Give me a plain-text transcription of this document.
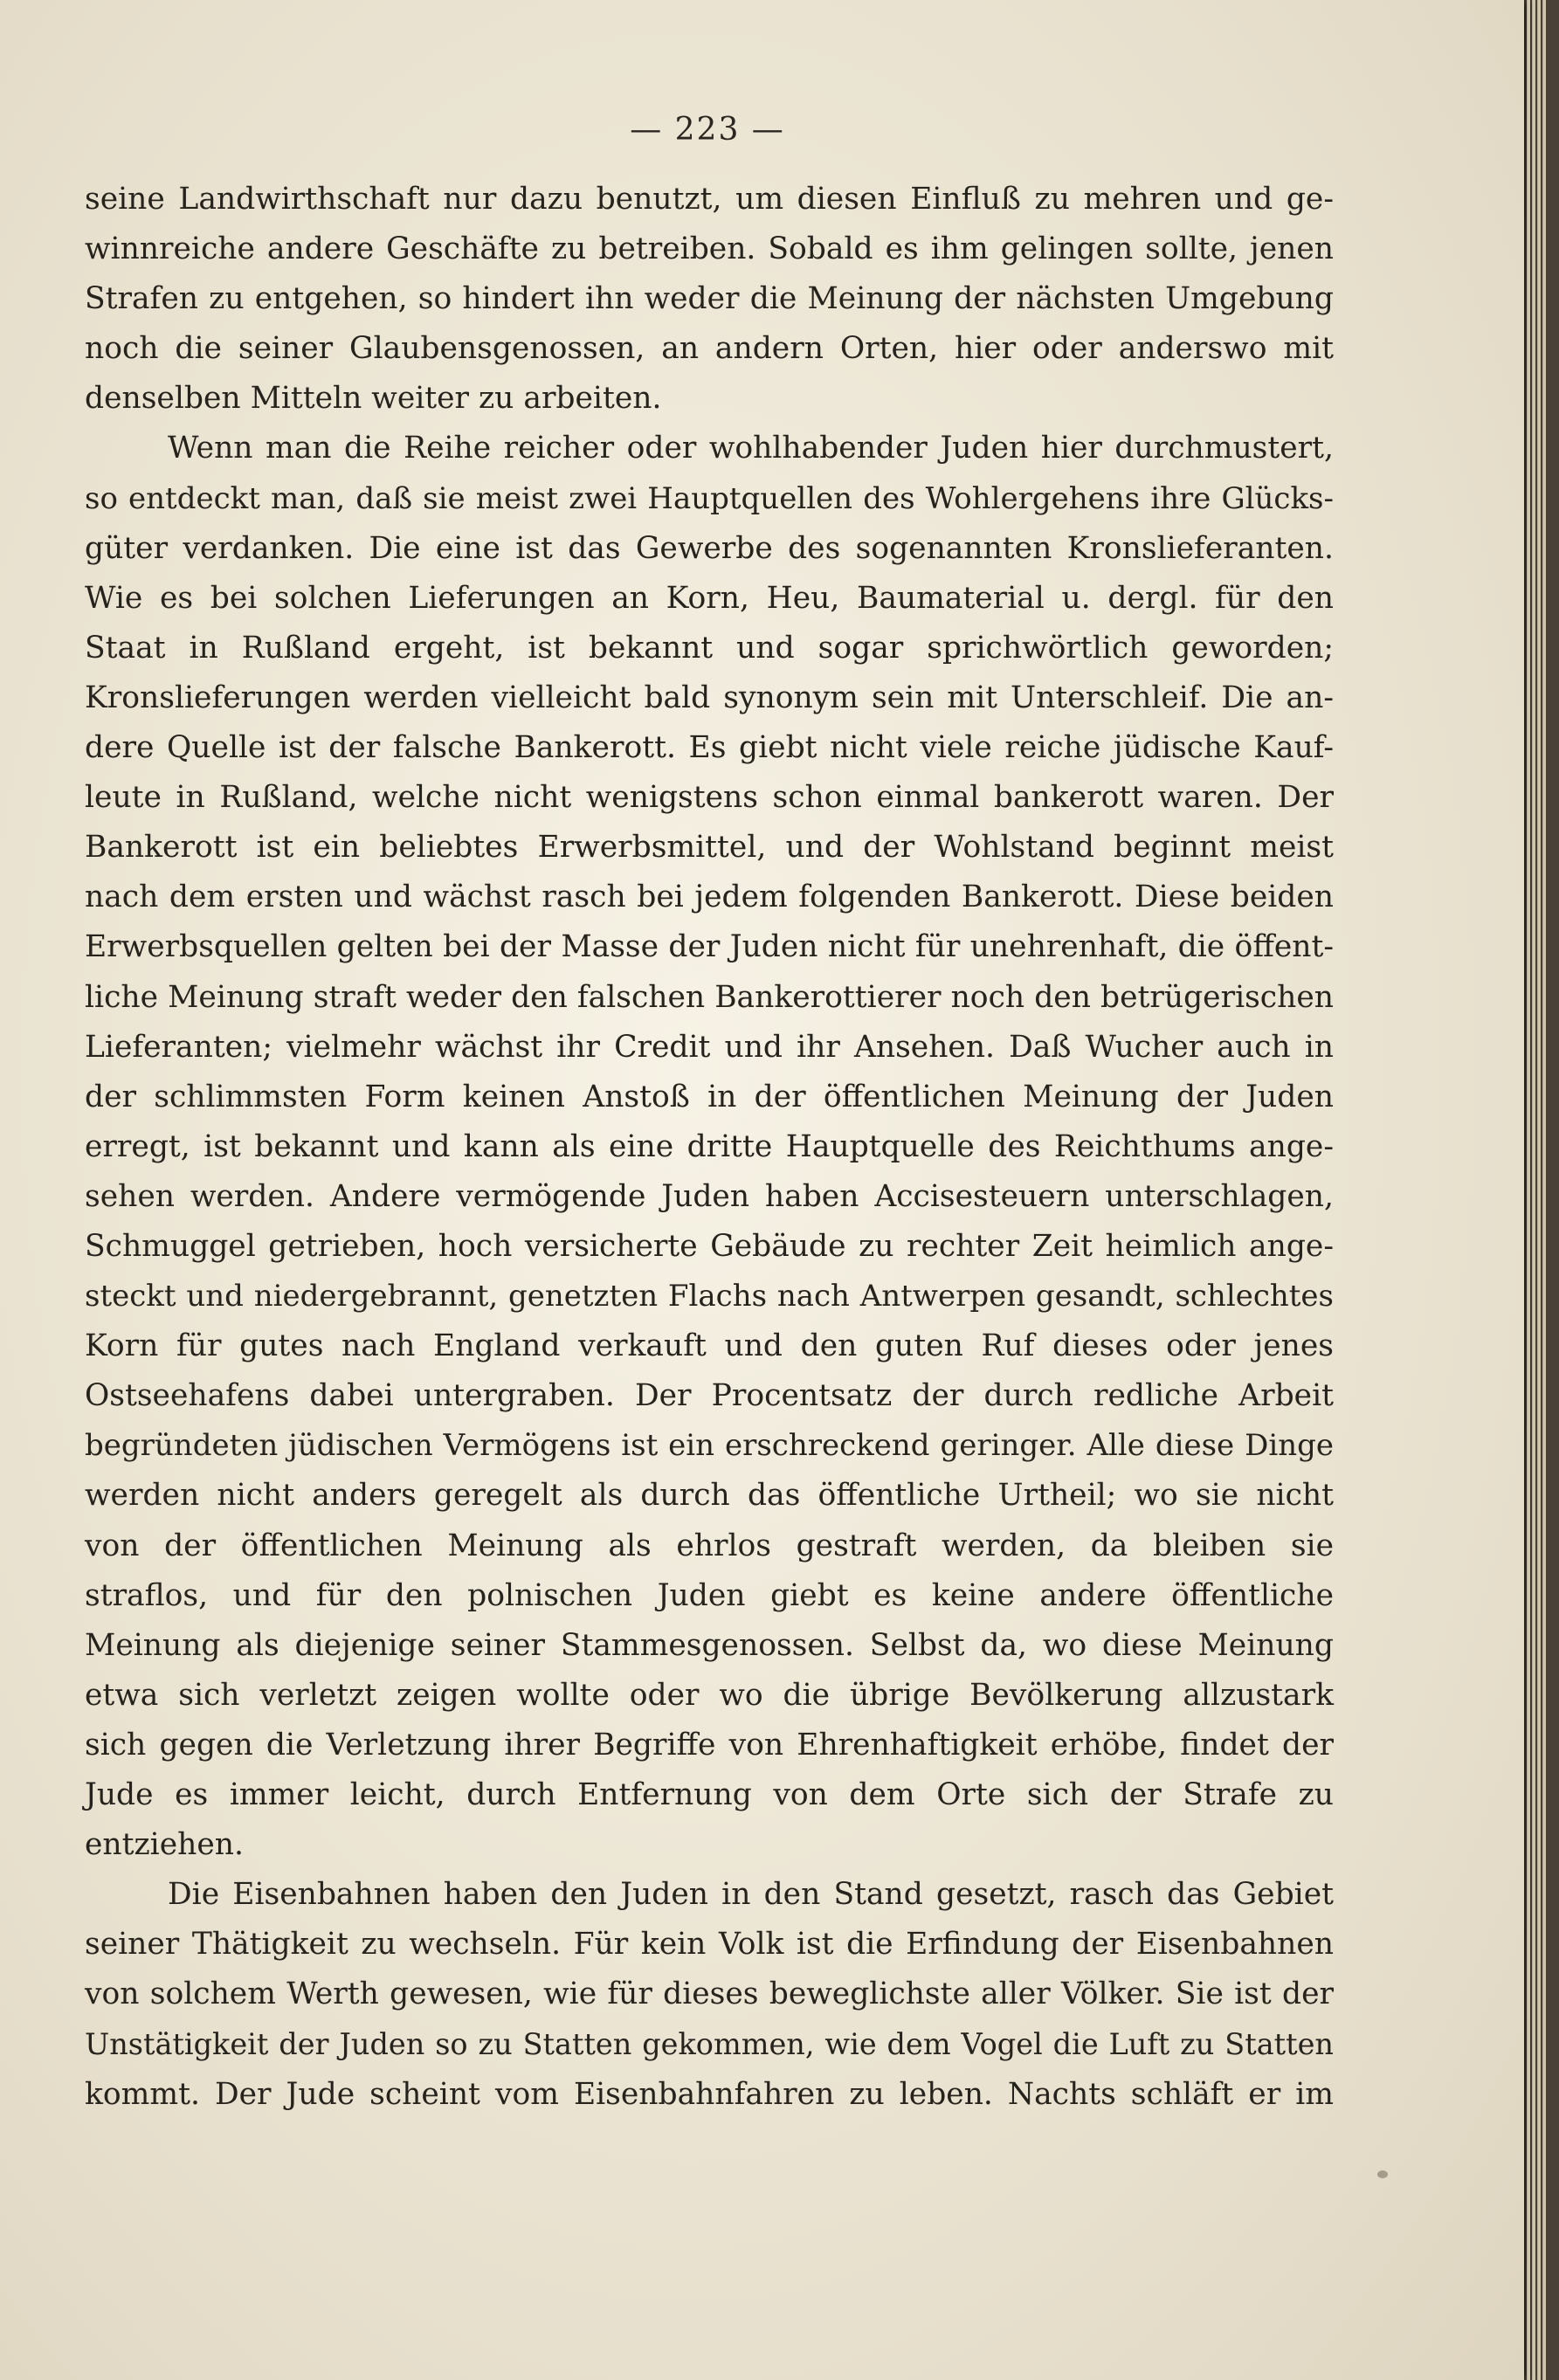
— 223 —
seine Landwirthschaft nur dazu benutzt, um diesen Einfluß zu mehren und ge-
winnreiche andere Geschäfte zu betreiben. Sobald es ihm gelingen sollte, jenen
Strafen zu entgehen, so hindert ihn weder die Meinung der nächsten Umgebung
noch die seiner Glaubensgenossen, an andern Orten, hier oder anderswo mit
denselben Mitteln weiter zu arbeiten.
Wenn man die Reihe reicher oder wohlhabender Juden hier durchmustert,
so entdeckt man, daß sie meist zwei Hauptquellen des Wohlergehens ihre Glücks-
güter verdanken. Die eine ist das Gewerbe des sogenannten Kronslieferanten.
Wie es bei solchen Lieferungen an Korn, Heu, Baumaterial u. dergl. für den
Staat in Rußland ergeht, ist bekannt und sogar sprichwörtlich geworden;
Kronslieferungen werden vielleicht bald synonym sein mit Unterschleif. Die an-
dere Quelle ist der falsche Bankerott. Es giebt nicht viele reiche jüdische Kauf-
leute in Rußland, welche nicht wenigstens schon einmal bankerott waren. Der
Bankerott ist ein beliebtes Erwerbsmittel, und der Wohlstand beginnt meist
nach dem ersten und wächst rasch bei jedem folgenden Bankerott. Diese beiden
Erwerbsquellen gelten bei der Masse der Juden nicht für unehrenhaft, die öffent-
liche Meinung straft weder den falschen Bankerottierer noch den betrügerischen
Lieferanten; vielmehr wächst ihr Credit und ihr Ansehen. Daß Wucher auch in
der schlimmsten Form keinen Anstoß in der öffentlichen Meinung der Juden
erregt, ist bekannt und kann als eine dritte Hauptquelle des Reichthums ange-
sehen werden. Andere vermögende Juden haben Accisesteuern unterschlagen,
Schmuggel getrieben, hoch versicherte Gebäude zu rechter Zeit heimlich ange-
steckt und niedergebrannt, genetzten Flachs nach Antwerpen gesandt, schlechtes
Korn für gutes nach England verkauft und den guten Ruf dieses oder jenes
Ostseehafens dabei untergraben. Der Procentsatz der durch redliche Arbeit
begründeten jüdischen Vermögens ist ein erschreckend geringer. Alle diese Dinge
werden nicht anders geregelt als durch das öffentliche Urtheil; wo sie nicht
von der öffentlichen Meinung als ehrlos gestraft werden, da bleiben sie
straflos, und für den polnischen Juden giebt es keine andere öffentliche
Meinung als diejenige seiner Stammesgenossen. Selbst da, wo diese Meinung
etwa sich verletzt zeigen wollte oder wo die übrige Bevölkerung allzustark
sich gegen die Verletzung ihrer Begriffe von Ehrenhaftigkeit erhöbe, findet der
Jude es immer leicht, durch Entfernung von dem Orte sich der Strafe zu
entziehen.
Die Eisenbahnen haben den Juden in den Stand gesetzt, rasch das Gebiet
seiner Thätigkeit zu wechseln. Für kein Volk ist die Erfindung der Eisenbahnen
von solchem Werth gewesen, wie für dieses beweglichste aller Völker. Sie ist der
Unstätigkeit der Juden so zu Statten gekommen, wie dem Vogel die Luft zu Statten
kommt. Der Jude scheint vom Eisenbahnfahren zu leben. Nachts schläft er im
